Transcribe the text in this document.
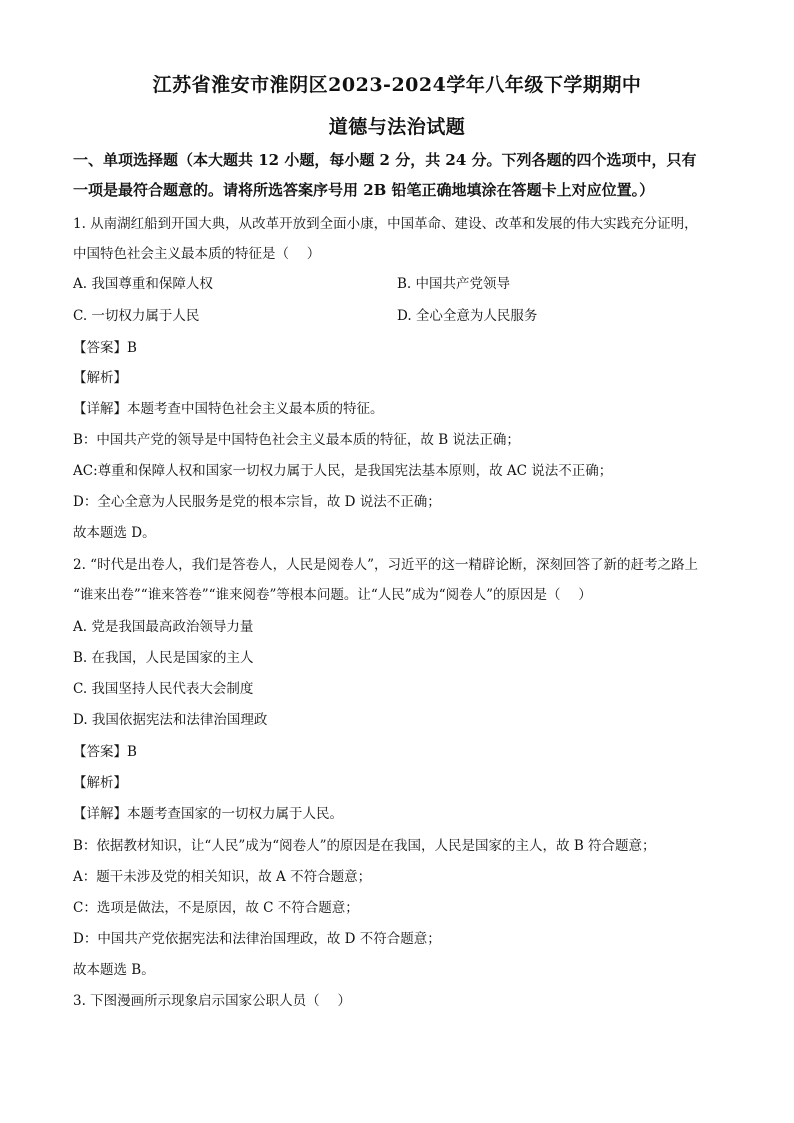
江苏省淮安市淮阴区2023-2024学年八年级下学期期中
道德与法治试题
一、单项选择题（本大题共 12 小题，每小题 2 分，共 24 分。下列各题的四个选项中，只有
一项是最符合题意的。请将所选答案序号用 2B 铅笔正确地填涂在答题卡上对应位置。）
1. 从南湖红船到开国大典，从改革开放到全面小康，中国革命、建设、改革和发展的伟大实践充分证明，
中国特色社会主义最本质的特征是（　 ）
A. 我国尊重和保障人权	B. 中国共产党领导
C. 一切权力属于人民	D. 全心全意为人民服务
【答案】B
【解析】
【详解】本题考查中国特色社会主义最本质的特征。
B：中国共产党的领导是中国特色社会主义最本质的特征，故 B 说法正确；
AC:尊重和保障人权和国家一切权力属于人民，是我国宪法基本原则，故 AC 说法不正确；
D：全心全意为人民服务是党的根本宗旨，故 D 说法不正确；
故本题选 D。
2. “时代是出卷人，我们是答卷人，人民是阅卷人”，习近平的这一精辟论断，深刻回答了新的赶考之路上
“谁来出卷”“谁来答卷”“谁来阅卷”等根本问题。让“人民”成为“阅卷人”的原因是（　 ）
A. 党是我国最高政治领导力量
B. 在我国，人民是国家的主人
C. 我国坚持人民代表大会制度
D. 我国依据宪法和法律治国理政
【答案】B
【解析】
【详解】本题考查国家的一切权力属于人民。
B：依据教材知识，让“人民”成为“阅卷人”的原因是在我国，人民是国家的主人，故 B 符合题意；
A：题干未涉及党的相关知识，故 A 不符合题意；
C：选项是做法，不是原因，故 C 不符合题意；
D：中国共产党依据宪法和法律治国理政，故 D 不符合题意；
故本题选 B。
3. 下图漫画所示现象启示国家公职人员（　 ）
